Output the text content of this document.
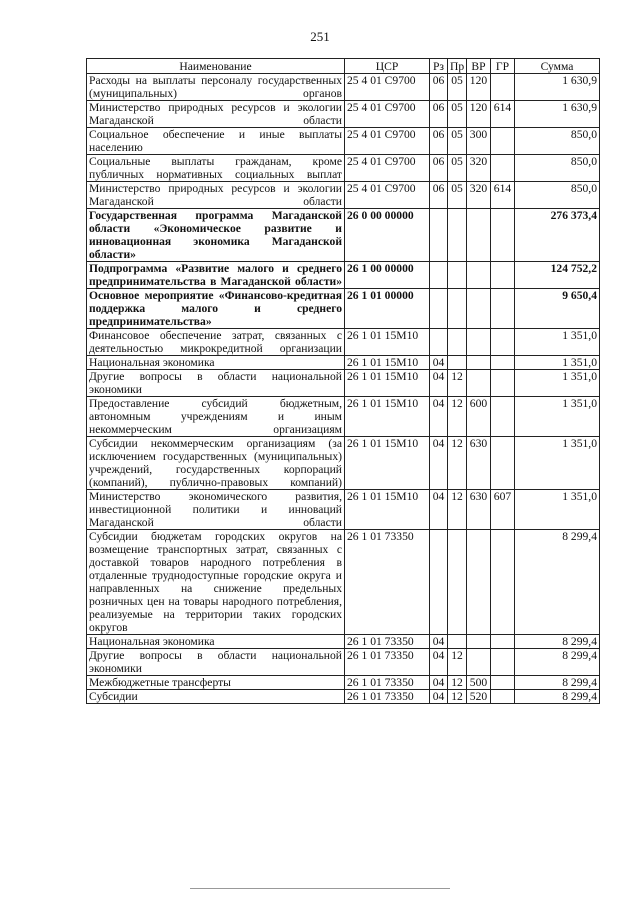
251
Наименование	ЦСР	Рз	Пр	ВР	ГР	Сумма
Расходы на выплаты персоналу государственных (муниципальных) органов	25 4 01 С9700	06	05	120		1 630,9
Министерство природных ресурсов и экологии Магаданской области	25 4 01 С9700	06	05	120	614	1 630,9
Социальное обеспечение и иные выплаты населению	25 4 01 С9700	06	05	300		850,0
Социальные выплаты гражданам, кроме публичных нормативных социальных выплат	25 4 01 С9700	06	05	320		850,0
Министерство природных ресурсов и экологии Магаданской области	25 4 01 С9700	06	05	320	614	850,0
Государственная программа Магаданской области «Экономическое развитие и инновационная экономика Магаданской области»	26 0 00 00000					276 373,4
Подпрограмма «Развитие малого и среднего предпринимательства в Магаданской области»	26 1 00 00000					124 752,2
Основное мероприятие «Финансово-кредитная поддержка малого и среднего предпринимательства»	26 1 01 00000					9 650,4
Финансовое обеспечение затрат, связанных с деятельностью микрокредитной организации	26 1 01 15М10					1 351,0
Национальная экономика	26 1 01 15М10	04				1 351,0
Другие вопросы в области национальной экономики	26 1 01 15М10	04	12			1 351,0
Предоставление субсидий бюджетным, автономным учреждениям и иным некоммерческим организациям	26 1 01 15М10	04	12	600		1 351,0
Субсидии некоммерческим организациям (за исключением государственных (муниципальных) учреждений, государственных корпораций (компаний), публично-правовых компаний)	26 1 01 15М10	04	12	630		1 351,0
Министерство экономического развития, инвестиционной политики и инноваций Магаданской области	26 1 01 15М10	04	12	630	607	1 351,0
Субсидии бюджетам городских округов на возмещение транспортных затрат, связанных с доставкой товаров народного потребления в отдаленные труднодоступные городские округа и направленных на снижение предельных розничных цен на товары народного потребления, реализуемые на территории таких городских округов	26 1 01 73350					8 299,4
Национальная экономика	26 1 01 73350	04				8 299,4
Другие вопросы в области национальной экономики	26 1 01 73350	04	12			8 299,4
Межбюджетные трансферты	26 1 01 73350	04	12	500		8 299,4
Субсидии	26 1 01 73350	04	12	520		8 299,4
